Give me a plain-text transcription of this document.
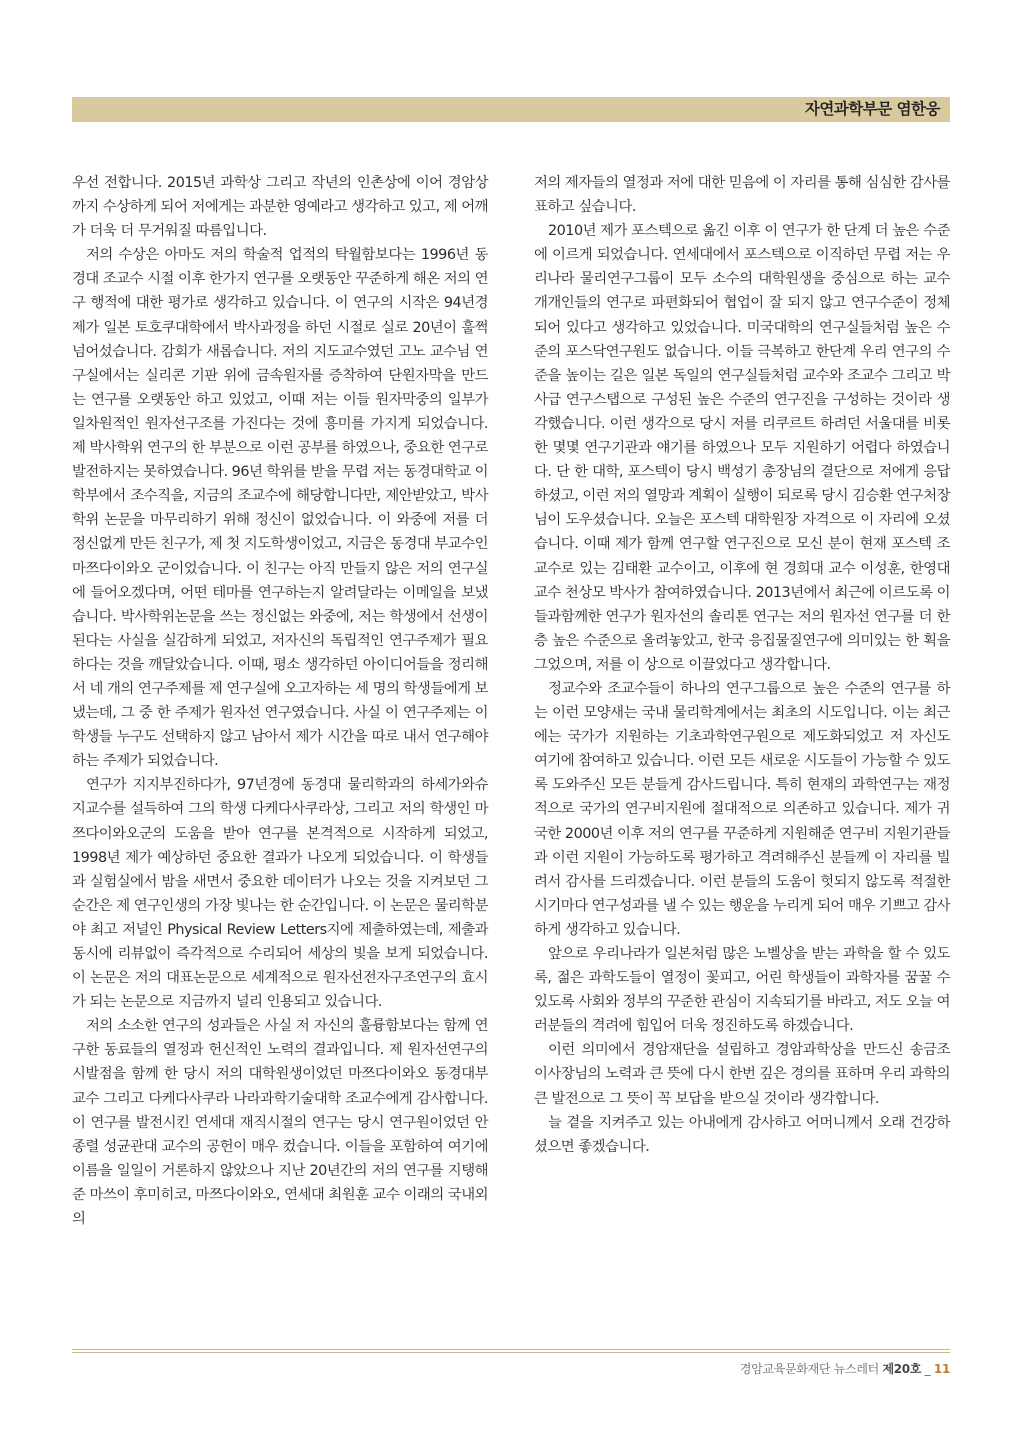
자연과학부문 염한웅

우선 전합니다. 2015년 과학상 그리고 작년의 인촌상에 이어 경암상까지 수상하게 되어 저에게는 과분한 영예라고 생각하고 있고, 제 어깨가 더욱 더 무거워질 따름입니다.

저의 수상은 아마도 저의 학술적 업적의 탁월함보다는 1996년 동경대 조교수 시절 이후 한가지 연구를 오랫동안 꾸준하게 해온 저의 연구 행적에 대한 평가로 생각하고 있습니다. 이 연구의 시작은 94년경 제가 일본 토호쿠대학에서 박사과정을 하던 시절로 실로 20년이 훌쩍 넘어섰습니다. 감회가 새롭습니다. 저의 지도교수였던 고노 교수님 연구실에서는 실리콘 기판 위에 금속원자를 증착하여 단원자막을 만드는 연구를 오랫동안 하고 있었고, 이때 저는 이들 원자막중의 일부가 일차원적인 원자선구조를 가진다는 것에 흥미를 가지게 되었습니다. 제 박사학위 연구의 한 부분으로 이런 공부를 하였으나, 중요한 연구로 발전하지는 못하였습니다. 96년 학위를 받을 무렵 저는 동경대학교 이학부에서 조수직을, 지금의 조교수에 해당합니다만, 제안받았고, 박사학위 논문을 마무리하기 위해 정신이 없었습니다. 이 와중에 저를 더 정신없게 만든 친구가, 제 첫 지도학생이었고, 지금은 동경대 부교수인 마쯔다이와오 군이었습니다. 이 친구는 아직 만들지 않은 저의 연구실에 들어오겠다며, 어떤 테마를 연구하는지 알려달라는 이메일을 보냈습니다. 박사학위논문을 쓰는 정신없는 와중에, 저는 학생에서 선생이 된다는 사실을 실감하게 되었고, 저자신의 독립적인 연구주제가 필요하다는 것을 깨달았습니다. 이때, 평소 생각하던 아이디어들을 정리해서 네 개의 연구주제를 제 연구실에 오고자하는 세 명의 학생들에게 보냈는데, 그 중 한 주제가 원자선 연구였습니다. 사실 이 연구주제는 이 학생들 누구도 선택하지 않고 남아서 제가 시간을 따로 내서 연구해야하는 주제가 되었습니다.

연구가 지지부진하다가, 97년경에 동경대 물리학과의 하세가와슈지교수를 설득하여 그의 학생 다케다사쿠라상, 그리고 저의 학생인 마쯔다이와오군의 도움을 받아 연구를 본격적으로 시작하게 되었고, 1998년 제가 예상하던 중요한 결과가 나오게 되었습니다. 이 학생들과 실험실에서 밤을 새면서 중요한 데이터가 나오는 것을 지켜보던 그 순간은 제 연구인생의 가장 빛나는 한 순간입니다. 이 논문은 물리학분야 최고 저널인 Physical Review Letters지에 제출하였는데, 제출과 동시에 리뷰없이 즉각적으로 수리되어 세상의 빛을 보게 되었습니다. 이 논문은 저의 대표논문으로 세계적으로 원자선전자구조연구의 효시가 되는 논문으로 지금까지 널리 인용되고 있습니다.

저의 소소한 연구의 성과들은 사실 저 자신의 훌륭함보다는 함께 연구한 동료들의 열정과 헌신적인 노력의 결과입니다. 제 원자선연구의 시발점을 함께 한 당시 저의 대학원생이었던 마쯔다이와오 동경대부교수 그리고 다케다사쿠라 나라과학기술대학 조교수에게 감사합니다. 이 연구를 발전시킨 연세대 재직시절의 연구는 당시 연구원이었던 안종렬 성균관대 교수의 공헌이 매우 컸습니다. 이들을 포함하여 여기에 이름을 일일이 거론하지 않았으나 지난 20년간의 저의 연구를 지탱해준 마쓰이 후미히코, 마쯔다이와오, 연세대 최원훈 교수 이래의 국내외의

저의 제자들의 열정과 저에 대한 믿음에 이 자리를 통해 심심한 감사를 표하고 싶습니다.

2010년 제가 포스텍으로 옮긴 이후 이 연구가 한 단계 더 높은 수준에 이르게 되었습니다. 연세대에서 포스텍으로 이직하던 무렵 저는 우리나라 물리연구그룹이 모두 소수의 대학원생을 중심으로 하는 교수 개개인들의 연구로 파편화되어 협업이 잘 되지 않고 연구수준이 정체되어 있다고 생각하고 있었습니다. 미국대학의 연구실들처럼 높은 수준의 포스닥연구원도 없습니다. 이들 극복하고 한단계 우리 연구의 수준을 높이는 길은 일본 독일의 연구실들처럼 교수와 조교수 그리고 박사급 연구스탭으로 구성된 높은 수준의 연구진을 구성하는 것이라 생각했습니다. 이런 생각으로 당시 저를 리쿠르트 하려던 서울대를 비롯한 몇몇 연구기관과 얘기를 하였으나 모두 지원하기 어렵다 하였습니다. 단 한 대학, 포스텍이 당시 백성기 총장님의 결단으로 저에게 응답하셨고, 이런 저의 열망과 계획이 실행이 되로록 당시 김승환 연구처장님이 도우셨습니다. 오늘은 포스텍 대학원장 자격으로 이 자리에 오셨습니다. 이때 제가 함께 연구할 연구진으로 모신 분이 현재 포스텍 조교수로 있는 김태환 교수이고, 이후에 현 경희대 교수 이성훈, 한영대 교수 천상모 박사가 참여하였습니다. 2013년에서 최근에 이르도록 이들과함께한 연구가 원자선의 솔리톤 연구는 저의 원자선 연구를 더 한층 높은 수준으로 올려놓았고, 한국 응집물질연구에 의미있는 한 획을 그었으며, 저를 이 상으로 이끌었다고 생각합니다.

정교수와 조교수들이 하나의 연구그룹으로 높은 수준의 연구를 하는 이런 모양새는 국내 물리학계에서는 최초의 시도입니다. 이는 최근에는 국가가 지원하는 기초과학연구원으로 제도화되었고 저 자신도 여기에 참여하고 있습니다. 이런 모든 새로운 시도들이 가능할 수 있도록 도와주신 모든 분들게 감사드립니다. 특히 현재의 과학연구는 재정적으로 국가의 연구비지원에 절대적으로 의존하고 있습니다. 제가 귀국한 2000년 이후 저의 연구를 꾸준하게 지원해준 연구비 지원기관들과 이런 지원이 가능하도록 평가하고 격려해주신 분들께 이 자리를 빌려서 감사를 드리겠습니다. 이런 분들의 도움이 헛되지 않도록 적절한 시기마다 연구성과를 낼 수 있는 행운을 누리게 되어 매우 기쁘고 감사하게 생각하고 있습니다.

앞으로 우리나라가 일본처럼 많은 노벨상을 받는 과학을 할 수 있도록, 젊은 과학도들이 열정이 꽃피고, 어린 학생들이 과학자를 꿈꿀 수 있도록 사회와 정부의 꾸준한 관심이 지속되기를 바라고, 저도 오늘 여러분들의 격려에 힘입어 더욱 정진하도록 하겠습니다.

이런 의미에서 경암재단을 설립하고 경암과학상을 만드신 송금조 이사장님의 노력과 큰 뜻에 다시 한번 깊은 경의를 표하며 우리 과학의 큰 발전으로 그 뜻이 꼭 보답을 받으실 것이라 생각합니다.

늘 곁을 지켜주고 있는 아내에게 감사하고 어머니께서 오래 건강하셨으면 좋겠습니다.

경암교육문화재단 뉴스레터 제20호 _ 11
